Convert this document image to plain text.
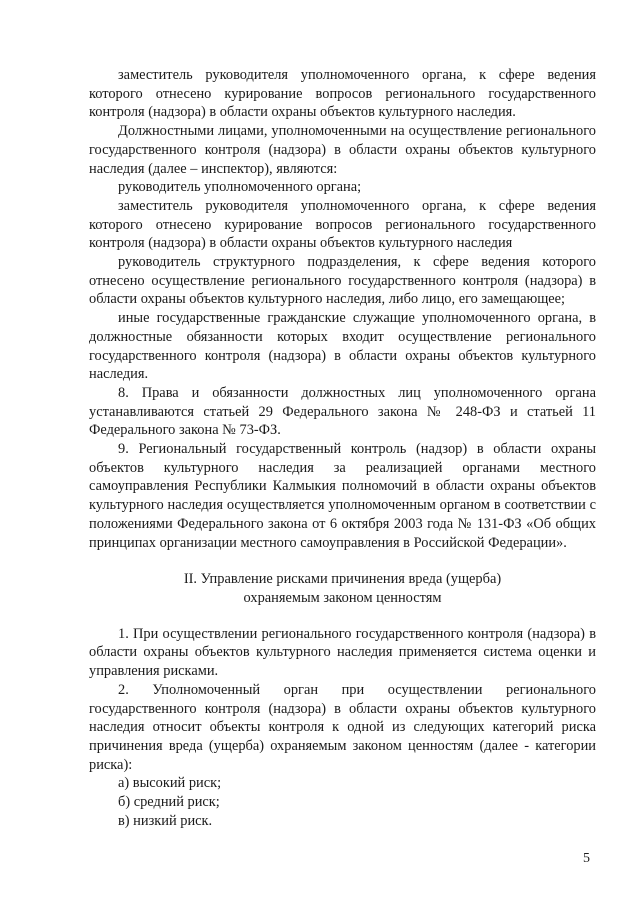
заместитель руководителя уполномоченного органа, к сфере ведения которого отнесено курирование вопросов регионального государственного контроля (надзора) в области охраны объектов культурного наследия.

Должностными лицами, уполномоченными на осуществление регионального государственного контроля (надзора) в области охраны объектов культурного наследия (далее – инспектор), являются:

руководитель уполномоченного органа;

заместитель руководителя уполномоченного органа, к сфере ведения которого отнесено курирование вопросов регионального государственного контроля (надзора) в области охраны объектов культурного наследия

руководитель структурного подразделения, к сфере ведения которого отнесено осуществление регионального государственного контроля (надзора) в области охраны объектов культурного наследия, либо лицо, его замещающее;

иные государственные гражданские служащие уполномоченного органа, в должностные обязанности которых входит осуществление регионального государственного контроля (надзора) в области охраны объектов культурного наследия.

8. Права и обязанности должностных лиц уполномоченного органа устанавливаются статьей 29 Федерального закона № 248-ФЗ и статьей 11 Федерального закона № 73-ФЗ.

9. Региональный государственный контроль (надзор) в области охраны объектов культурного наследия за реализацией органами местного самоуправления Республики Калмыкия полномочий в области охраны объектов культурного наследия осуществляется уполномоченным органом в соответствии с положениями Федерального закона от 6 октября 2003 года № 131-ФЗ «Об общих принципах организации местного самоуправления в Российской Федерации».

II. Управление рисками причинения вреда (ущерба)
охраняемым законом ценностям

1. При осуществлении регионального государственного контроля (надзора) в области охраны объектов культурного наследия применяется система оценки и управления рисками.

2. Уполномоченный орган при осуществлении регионального государственного контроля (надзора) в области охраны объектов культурного наследия относит объекты контроля к одной из следующих категорий риска причинения вреда (ущерба) охраняемым законом ценностям (далее - категории риска):

а) высокий риск;

б) средний риск;

в) низкий риск.

5
